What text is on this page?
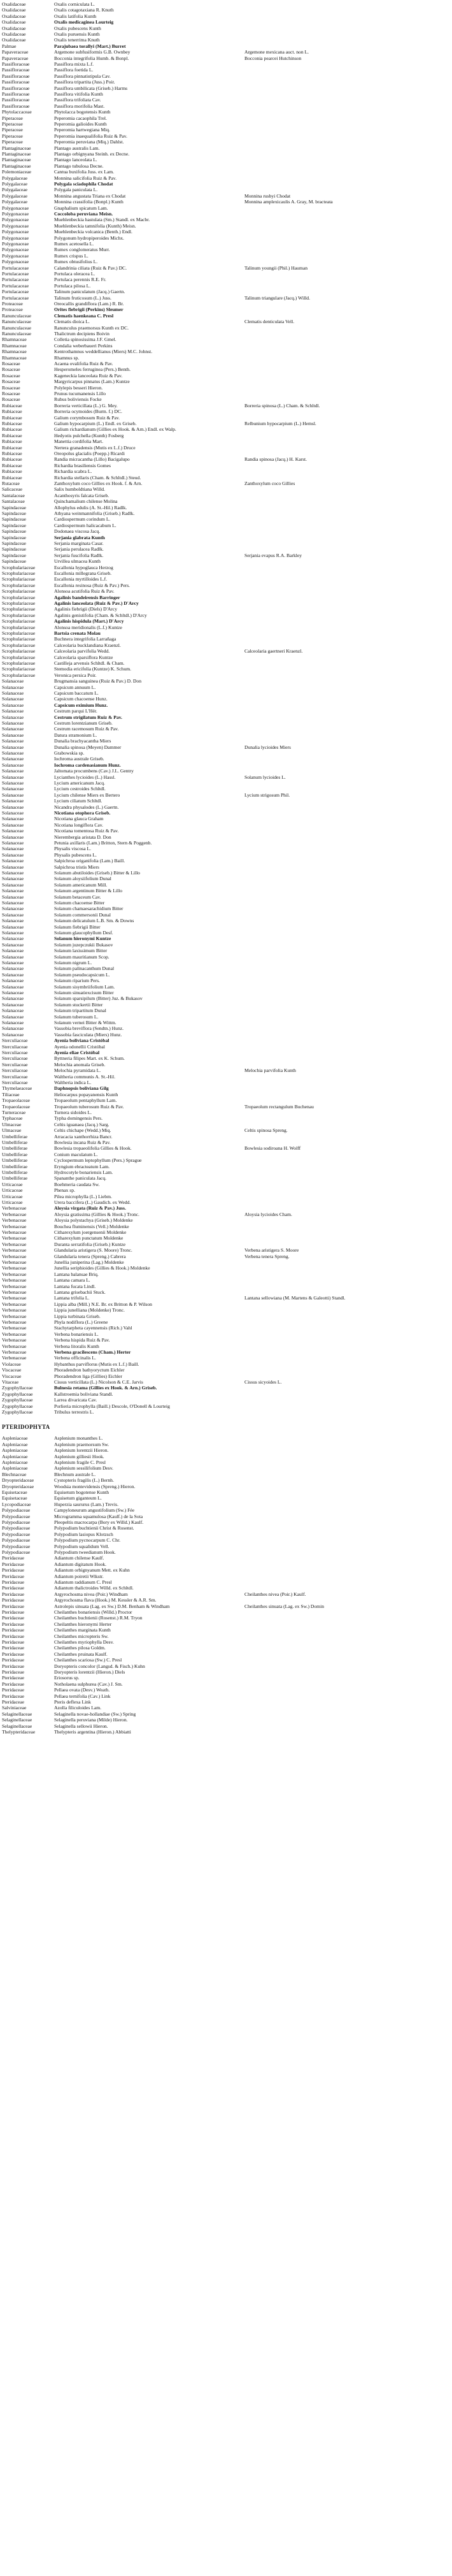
Oxalidaceae	Oxalis corniculata L.
Oxalidaceae	Oxalis cotagotaxiana R. Knuth
Oxalidaceae	Oxalis latifolia Kunth
Oxalidaceae	Oxalis medicaginea Lourteig
Oxalidaceae	Oxalis pubescens Kunth
Oxalidaceae	Oxalis puruensis Kunth
Oxalidaceae	Oxalis tenerrima Knuth
Palmae	Parajubaea torallyi (Mart.) Burret
Papaveraceae	Argemone subfusiformis G.B. Ownbey	Argemone mexicana auct. non L.
Papaveraceae	Bocconia integrifolia Humb. & Bonpl.	Bocconia pearcei Hutchinson
Passifloraceae	Passiflora mixta L.f.
Passifloraceae	Passiflora foetida L.
Passifloraceae	Passiflora pinnatistipula Cav.
Passifloraceae	Passiflora tripartita (Juss.) Poir.
Passifloraceae	Passiflora umbilicata (Griseb.) Harms
Passifloraceae	Passiflora vitifolia Kunth
Passifloraceae	Passiflora trifoliata Cav.
Passifloraceae	Passiflora morifolia Mast.
Phytolaccaceae	Phytolacca bogotensis Kunth
Piperaceae	Peperomia cacaophila Trel.
Piperaceae	Peperomia galioides Kunth
Piperaceae	Peperomia hartwegiana Miq.
Piperaceae	Peperomia inaequalifolia Ruiz & Pav.
Piperaceae	Peperomia peruviana (Miq.) Dahlst.
Plantaginaceae	Plantago australis Lam.
Plantaginaceae	Plantago orbignyana Steinh. ex Decne.
Plantaginaceae	Plantago lanceolata L.
Plantaginaceae	Plantago tubulosa Decne.
Polemoniaceae	Cantua buxifolia Juss. ex Lam.
Polygalaceae	Monnina salicifolia Ruiz & Pav.
Polygalaceae	Polygala sciadophila Chodat
Polygalaceae	Polygala paniculata L.
Polygalaceae	Monnina angustata Triana ex Chodat	Monnina rusbyi Chodat
Polygalaceae	Monnina crassifolia (Bonpl.) Kunth	Monnina amplexicaulis A. Gray, M. bracteata
Polygonaceae	Gnaphalium spicatum Lam.
Polygonaceae	Coccoloba peruviana Meisn.
Polygonaceae	Muehlenbeckia hastulata (Sm.) Standl. ex Macbr.
Polygonaceae	Muehlenbeckia tamnifolia (Kunth) Meisn.
Polygonaceae	Muehlenbeckia volcanica (Benth.) Endl.
Polygonaceae	Polygonum hydropiperoides Michx.
Polygonaceae	Rumex acetosella L.
Polygonaceae	Rumex conglomeratus Murr.
Polygonaceae	Rumex crispus L.
Polygonaceae	Rumex obtusifolius L.
Portulacaceae	Calandrinia ciliata (Ruiz & Pav.) DC.	Talinum youngii (Phil.) Hauman
Portulacaceae	Portulaca oleracea L.
Portulacaceae	Portulaca perennis R.E. Fr.
Portulacaceae	Portulaca pilosa L.
Portulacaceae	Talinum paniculatum (Jacq.) Gaertn.
Portulacaceae	Talinum fruticosum (L.) Juss.	Talinum triangulare (Jacq.) Willd.
Proteaceae	Oreocallis grandiflora (Lam.) R. Br.
Proteaceae	Orites fiebrigii (Perkins) Sleumer
Ranunculaceae	Clematis haenkeana C. Presl
Ranunculaceae	Clematis dioica L.	Clematis denticulata Vell.
Ranunculaceae	Ranunculus praemorsus Kunth ex DC.
Ranunculaceae	Thalictrum decipiens Boivin
Rhamnaceae	Colletia spinosissima J.F. Gmel.
Rhamnaceae	Condalia weberbaueri Perkins
Rhamnaceae	Kentrothamnus weddellianus (Miers) M.C. Johnst.
Rhamnaceae	Rhamnus sp.
Rosaceae	Acaena ovalifolia Ruiz & Pav.
Rosaceae	Hesperomeles ferruginea (Pers.) Benth.
Rosaceae	Kageneckia lanceolata Ruiz & Pav.
Rosaceae	Margyricarpus pinnatus (Lam.) Kuntze
Rosaceae	Polylepis besseri Hieron.
Rosaceae	Prunus tucumanensis Lillo
Rosaceae	Rubus boliviensis Focke
Rubiaceae	Borreria verticillata (L.) G. Mey.	Borreria spinosa (L.) Cham. & Schltdl.
Rubiaceae	Borreria ocymoides (Burm. f.) DC.
Rubiaceae	Galium corymbosum Ruiz & Pav.
Rubiaceae	Galium hypocarpium (L.) Endl. ex Griseb.	Relbunium hypocarpium (L.) Hemsl.
Rubiaceae	Galium richardianum (Gillies ex Hook. & Arn.) Endl. ex Walp.
Rubiaceae	Hedyotis pulchella (Kunth) Fosberg
Rubiaceae	Manettia cordifolia Mart.
Rubiaceae	Nertera granadensis (Mutis ex L.f.) Druce
Rubiaceae	Oreopolus glacialis (Poepp.) Ricardi
Rubiaceae	Randia micracantha (Lillo) Bacigalupo	Randia spinosa (Jacq.) H. Karst.
Rubiaceae	Richardia brasiliensis Gomes
Rubiaceae	Richardia scabra L.
Rubiaceae	Richardia stellaris (Cham. & Schltdl.) Steud.
Rutaceae	Zanthoxylum coco Gillies ex Hook. f. & Arn.	Zanthoxylum coco Gillies
Salicaceae	Salix humboldtiana Willd.
Santalaceae	Acanthosyris falcata Griseb.
Santalaceae	Quinchamalium chilense Molina
Sapindaceae	Allophylus edulis (A. St.-Hil.) Radlk.
Sapindaceae	Athyana weinmannifolia (Griseb.) Radlk.
Sapindaceae	Cardiospermum corindum L.
Sapindaceae	Cardiospermum halicacabum L.
Sapindaceae	Dodonaea viscosa Jacq.
Sapindaceae	Serjania glabrata Kunth
Sapindaceae	Serjania marginata Casar.
Sapindaceae	Serjania perulacea Radlk.
Sapindaceae	Serjania fuscifolia Radlk.	Serjania evapus R.A. Barkley
Sapindaceae	Urvillea ulmacea Kunth
Scrophulariaceae	Escallonia hypoglauca Herzog
Scrophulariaceae	Escallonia millegrana Griseb.
Scrophulariaceae	Escallonia myrtilloides L.f.
Scrophulariaceae	Escallonia resinosa (Ruiz & Pav.) Pers.
Scrophulariaceae	Alonsoa acutifolia Ruiz & Pav.
Scrophulariaceae	Agalinis bandeirensis Barringer
Scrophulariaceae	Agalinis lanceolata (Ruiz & Pav.) D'Arcy
Scrophulariaceae	Agalinis fiebrigii (Diels) D'Arcy
Scrophulariaceae	Agalinis genistifolia (Cham. & Schltdl.) D'Arcy
Scrophulariaceae	Agalinis hispidula (Mart.) D'Arcy
Scrophulariaceae	Alonsoa meridionalis (L.f.) Kuntze
Scrophulariaceae	Bartsia crenata Molau
Scrophulariaceae	Buchnera integrifolia Larrañaga
Scrophulariaceae	Calceolaria bucklandiana Kraenzl.
Scrophulariaceae	Calceolaria parvifolia Wedd.	Calceolaria gaertneri Kraenzl.
Scrophulariaceae	Calceolaria sparsiflora Kuntze
Scrophulariaceae	Castilleja arvensis Schltdl. & Cham.
Scrophulariaceae	Stemodia ericifolia (Kuntze) K. Schum.
Scrophulariaceae	Veronica persica Poir.
Solanaceae	Brugmansia sanguinea (Ruiz & Pav.) D. Don
Solanaceae	Capsicum annuum L.
Solanaceae	Capsicum baccatum L.
Solanaceae	Capsicum chacoense Hunz.
Solanaceae	Capsicum eximium Hunz.
Solanaceae	Cestrum parqui L'Hér.
Solanaceae	Cestrum strigilatum Ruiz & Pav.
Solanaceae	Cestrum lorentzianum Griseb.
Solanaceae	Cestrum racemosum Ruiz & Pav.
Solanaceae	Datura stramonium L.
Solanaceae	Dunalia brachyacantha Miers
Solanaceae	Dunalia spinosa (Meyen) Dammer	Dunalia lycioides Miers
Solanaceae	Grabowskia sp.
Solanaceae	Iochroma australe Griseb.
Solanaceae	Iochroma cardenasianum Hunz.
Solanaceae	Jaltomata procumbens (Cav.) J.L. Gentry
Solanaceae	Lycianthes lycioides (L.) Hassl.	Solanum lycioides L.
Solanaceae	Lycium americanum Jacq.
Solanaceae	Lycium cestroides Schltdl.
Solanaceae	Lycium chilense Miers ex Bertero	Lycium strigosum Phil.
Solanaceae	Lycium ciliatum Schltdl.
Solanaceae	Nicandra physalodes (L.) Gaertn.
Solanaceae	Nicotiana otophora Griseb.
Solanaceae	Nicotiana glauca Graham
Solanaceae	Nicotiana longiflora Cav.
Solanaceae	Nicotiana tomentosa Ruiz & Pav.
Solanaceae	Nierembergia aristata D. Don
Solanaceae	Petunia axillaris (Lam.) Britton, Stern & Poggenb.
Solanaceae	Physalis viscosa L.
Solanaceae	Physalis pubescens L.
Solanaceae	Salpichroa origanifolia (Lam.) Baill.
Solanaceae	Salpichroa tristis Miers
Solanaceae	Solanum abutiloides (Griseb.) Bitter & Lillo
Solanaceae	Solanum aloysiifolium Dunal
Solanaceae	Solanum americanum Mill.
Solanaceae	Solanum argentinum Bitter & Lillo
Solanaceae	Solanum betaceum Cav.
Solanaceae	Solanum chacoense Bitter
Solanaceae	Solanum chamaesarachidium Bitter
Solanaceae	Solanum commersonii Dunal
Solanaceae	Solanum delicatulum L.B. Sm. & Downs
Solanaceae	Solanum fiebrigii Bitter
Solanaceae	Solanum glaucophyllum Desf.
Solanaceae	Solanum hieronymi Kuntze
Solanaceae	Solanum juzepczukii Bukasov
Solanaceae	Solanum laxissimum Bitter
Solanaceae	Solanum mauritianum Scop.
Solanaceae	Solanum nigrum L.
Solanaceae	Solanum palinacanthum Dunal
Solanaceae	Solanum pseudocapsicum L.
Solanaceae	Solanum riparium Pers.
Solanaceae	Solanum sisymbriifolium Lam.
Solanaceae	Solanum sinuatiexcisum Bitter
Solanaceae	Solanum sparsipilum (Bitter) Juz. & Bukasov
Solanaceae	Solanum stuckertii Bitter
Solanaceae	Solanum tripartitum Dunal
Solanaceae	Solanum tuberosum L.
Solanaceae	Solanum vernei Bitter & Wittm.
Solanaceae	Vassobia breviflora (Sendtn.) Hunz.
Solanaceae	Vassobia fasciculata (Miers) Hunz.
Sterculiaceae	Ayenia boliviana Cristóbal
Sterculiaceae	Ayenia odonellii Cristóbal
Sterculiaceae	Ayenia eliae Cristóbal
Sterculiaceae	Byttneria filipes Mart. ex K. Schum.
Sterculiaceae	Melochia anomala Griseb.
Sterculiaceae	Melochia pyramidata L.	Melochia parvifolia Kunth
Sterculiaceae	Waltheria communis A. St.-Hil.
Sterculiaceae	Waltheria indica L.
Thymelaeaceae	Daphnopsis boliviana Gilg
Tiliaceae	Heliocarpus popayanensis Kunth
Tropaeolaceae	Tropaeolum pentaphyllum Lam.
Tropaeolaceae	Tropaeolum tuberosum Ruiz & Pav.	Tropaeolum rectangulum Buchenau
Turneraceae	Turnera sidoides L.
Typhaceae	Typha domingensis Pers.
Ulmaceae	Celtis iguanaea (Jacq.) Sarg.
Ulmaceae	Celtis chichape (Wedd.) Miq.	Celtis spinosa Spreng.
Umbelliferae	Arracacia xanthorrhiza Bancr.
Umbelliferae	Bowlesia incana Ruiz & Pav.
Umbelliferae	Bowlesia tropaeolifolia Gillies & Hook.	Bowlesia sodiroana H. Wolff
Umbelliferae	Conium maculatum L.
Umbelliferae	Cyclospermum leptophyllum (Pers.) Sprague
Umbelliferae	Eryngium ebracteatum Lam.
Umbelliferae	Hydrocotyle bonariensis Lam.
Umbelliferae	Spananthe paniculata Jacq.
Urticaceae	Boehmeria caudata Sw.
Urticaceae	Phenax sp.
Urticaceae	Pilea microphylla (L.) Liebm.
Urticaceae	Urera baccifera (L.) Gaudich. ex Wedd.
Verbenaceae	Aloysia virgata (Ruiz & Pav.) Juss.
Verbenaceae	Aloysia gratissima (Gillies & Hook.) Tronc.	Aloysia lycioides Cham.
Verbenaceae	Aloysia polystachya (Griseb.) Moldenke
Verbenaceae	Bouchea fluminensis (Vell.) Moldenke
Verbenaceae	Citharexylum joergensenii Moldenke
Verbenaceae	Citharexylum punctatum Moldenke
Verbenaceae	Duranta serratifolia (Griseb.) Kuntze
Verbenaceae	Glandularia aristigera (S. Moore) Tronc.	Verbena aristigera S. Moore
Verbenaceae	Glandularia tenera (Spreng.) Cabrera	Verbena tenera Spreng.
Verbenaceae	Junellia juniperina (Lag.) Moldenke
Verbenaceae	Junellia seriphioides (Gillies & Hook.) Moldenke
Verbenaceae	Lantana balansae Briq.
Verbenaceae	Lantana camara L.
Verbenaceae	Lantana fucata Lindl.
Verbenaceae	Lantana grisebachii Stuck.
Verbenaceae	Lantana trifolia L.	Lantana sellowiana (M. Martens & Galeotti) Standl.
Verbenaceae	Lippia alba (Mill.) N.E. Br. ex Britton & P. Wilson
Verbenaceae	Lippia junelliana (Moldenke) Tronc.
Verbenaceae	Lippia turbinata Griseb.
Verbenaceae	Phyla nodiflora (L.) Greene
Verbenaceae	Stachytarpheta cayennensis (Rich.) Vahl
Verbenaceae	Verbena bonariensis L.
Verbenaceae	Verbena hispida Ruiz & Pav.
Verbenaceae	Verbena litoralis Kunth
Verbenaceae	Verbena gracilescens (Cham.) Herter
Verbenaceae	Verbena officinalis L.
Violaceae	Hybanthus parviflorus (Mutis ex L.f.) Baill.
Viscaceae	Phoradendron bathyoryctum Eichler
Viscaceae	Phoradendron liga (Gillies) Eichler
Vitaceae	Cissus verticillata (L.) Nicolson & C.E. Jarvis	Cissus sicyoides L.
Zygophyllaceae	Bulnesia retama (Gillies ex Hook. & Arn.) Griseb.
Zygophyllaceae	Kallstroemia boliviana Standl.
Zygophyllaceae	Larrea divaricata Cav.
Zygophyllaceae	Porlieria microphylla (Baill.) Descole, O'Donell & Lourteig
Zygophyllaceae	Tribulus terrestris L.
PTERIDOPHYTA
Aspleniaceae	Asplenium monanthes L.
Aspleniaceae	Asplenium praemorsum Sw.
Aspleniaceae	Asplenium lorentzii Hieron.
Aspleniaceae	Asplenium gilliesii Hook.
Aspleniaceae	Asplenium fragile C. Presl
Aspleniaceae	Asplenium sessilifolium Desv.
Blechnaceae	Blechnum australe L.
Dryopteridaceae	Cystopteris fragilis (L.) Bernh.
Dryopteridaceae	Woodsia montevidensis (Spreng.) Hieron.
Equisetaceae	Equisetum bogotense Kunth
Equisetaceae	Equisetum giganteum L.
Lycopodiaceae	Huperzia saururus (Lam.) Trevis.
Polypodiaceae	Campyloneurum angustifolium (Sw.) Fée
Polypodiaceae	Microgramma squamulosa (Kaulf.) de la Sota
Polypodiaceae	Pleopeltis macrocarpa (Bory ex Willd.) Kaulf.
Polypodiaceae	Polypodium buchtienii Christ & Rosenst.
Polypodiaceae	Polypodium lasiopus Klotzsch
Polypodiaceae	Polypodium pycnocarpum C. Chr.
Polypodiaceae	Polypodium squalidum Vell.
Polypodiaceae	Polypodium tweedianum Hook.
Pteridaceae	Adiantum chilense Kaulf.
Pteridaceae	Adiantum digitatum Hook.
Pteridaceae	Adiantum orbignyanum Mett. ex Kuhn
Pteridaceae	Adiantum poiretii Wikstr.
Pteridaceae	Adiantum raddianum C. Presl
Pteridaceae	Adiantum thalictroides Willd. ex Schltdl.
Pteridaceae	Argyrochosma nivea (Poir.) Windham	Cheilanthes nivea (Poir.) Kaulf.
Pteridaceae	Argyrochosma flava (Hook.) M. Kessler & A.R. Sm.
Pteridaceae	Astrolepis sinuata (Lag. ex Sw.) D.M. Benham & Windham	Cheilanthes sinuata (Lag. ex Sw.) Domin
Pteridaceae	Cheilanthes bonariensis (Willd.) Proctor
Pteridaceae	Cheilanthes buchtienii (Rosenst.) R.M. Tryon
Pteridaceae	Cheilanthes hieronymi Herter
Pteridaceae	Cheilanthes marginata Kunth
Pteridaceae	Cheilanthes micropteris Sw.
Pteridaceae	Cheilanthes myriophylla Desv.
Pteridaceae	Cheilanthes pilosa Goldm.
Pteridaceae	Cheilanthes pruinata Kaulf.
Pteridaceae	Cheilanthes scariosa (Sw.) C. Presl
Pteridaceae	Doryopteris concolor (Langsd. & Fisch.) Kuhn
Pteridaceae	Doryopteris lorentzii (Hieron.) Diels
Pteridaceae	Eriosorus sp.
Pteridaceae	Notholaena sulphurea (Cav.) J. Sm.
Pteridaceae	Pellaea ovata (Desv.) Weath.
Pteridaceae	Pellaea ternifolia (Cav.) Link
Pteridaceae	Pteris deflexa Link
Salviniaceae	Azolla filiculoides Lam.
Selaginellaceae	Selaginella novae-hollandiae (Sw.) Spring
Selaginellaceae	Selaginella peruviana (Milde) Hieron.
Selaginellaceae	Selaginella sellowii Hieron.
Thelypteridaceae	Thelypteris argentina (Hieron.) Abbiatti
